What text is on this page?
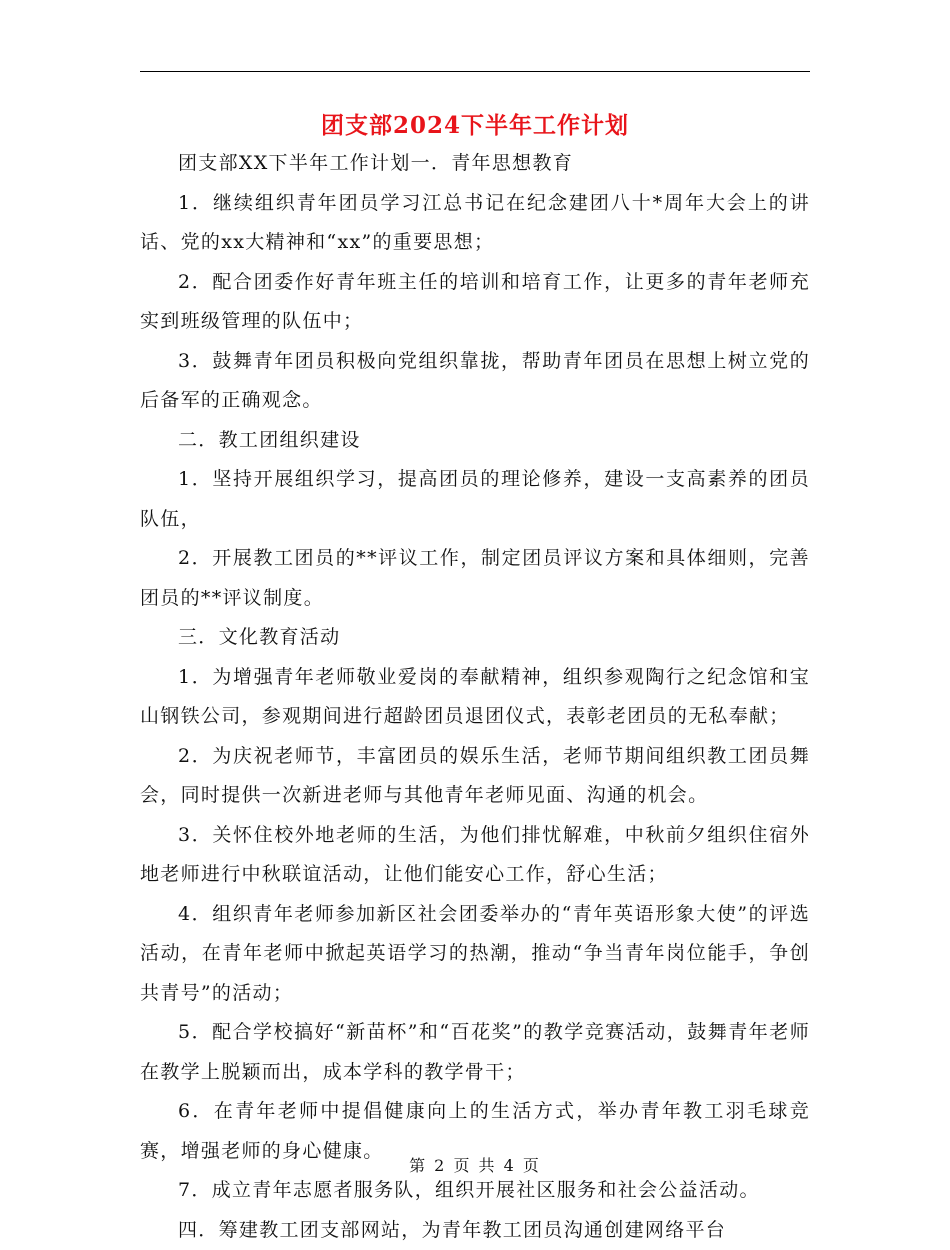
团支部2024下半年工作计划

团支部XX下半年工作计划一．青年思想教育

1．继续组织青年团员学习江总书记在纪念建团八十*周年大会上的讲话、党的xx大精神和“xx”的重要思想；

2．配合团委作好青年班主任的培训和培育工作，让更多的青年老师充实到班级管理的队伍中；

3．鼓舞青年团员积极向党组织靠拢，帮助青年团员在思想上树立党的后备军的正确观念。

二．教工团组织建设

1．坚持开展组织学习，提高团员的理论修养，建设一支高素养的团员队伍，

2．开展教工团员的**评议工作，制定团员评议方案和具体细则，完善团员的**评议制度。

三．文化教育活动

1．为增强青年老师敬业爱岗的奉献精神，组织参观陶行之纪念馆和宝山钢铁公司，参观期间进行超龄团员退团仪式，表彰老团员的无私奉献；

2．为庆祝老师节，丰富团员的娱乐生活，老师节期间组织教工团员舞会，同时提供一次新进老师与其他青年老师见面、沟通的机会。

3．关怀住校外地老师的生活，为他们排忧解难，中秋前夕组织住宿外地老师进行中秋联谊活动，让他们能安心工作，舒心生活；

4．组织青年老师参加新区社会团委举办的“青年英语形象大使”的评选活动，在青年老师中掀起英语学习的热潮，推动“争当青年岗位能手，争创共青号”的活动；

5．配合学校搞好“新苗杯”和“百花奖”的教学竞赛活动，鼓舞青年老师在教学上脱颖而出，成本学科的教学骨干；

6．在青年老师中提倡健康向上的生活方式，举办青年教工羽毛球竞赛，增强老师的身心健康。

7．成立青年志愿者服务队，组织开展社区服务和社会公益活动。

四．筹建教工团支部网站，为青年教工团员沟通创建网络平台

第 2 页 共 4 页
